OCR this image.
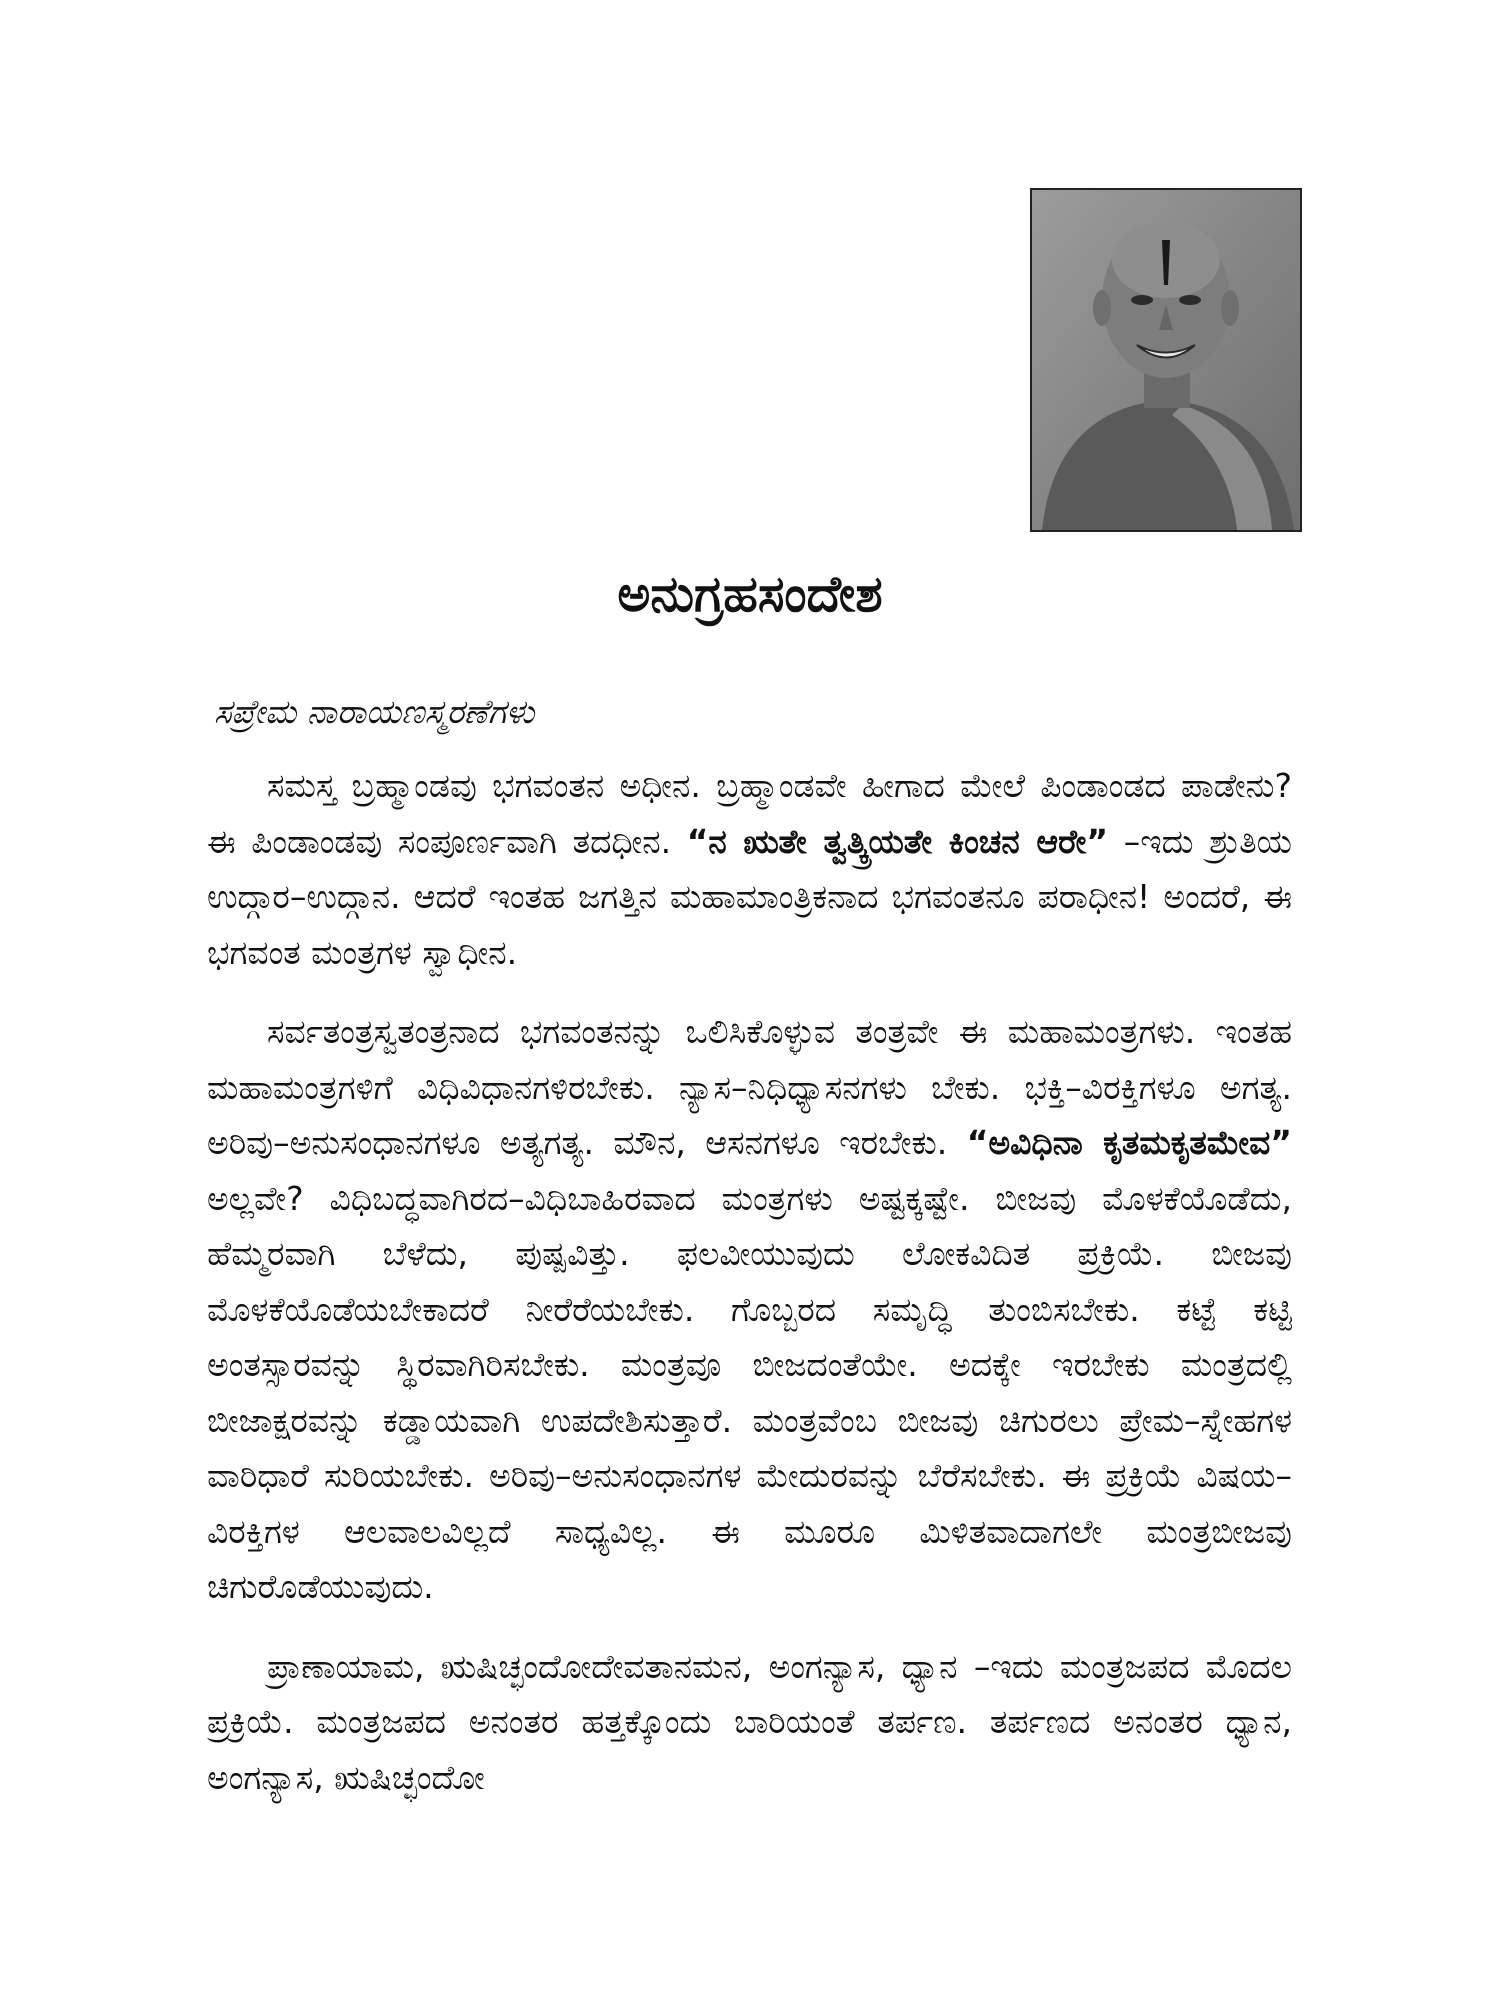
ಅನುಗ್ರಹಸಂದೇಶ

ಸಪ್ರೇಮ ನಾರಾಯಣಸ್ಮರಣೆಗಳು

ಸಮಸ್ತ ಬ್ರಹ್ಮಾಂಡವು ಭಗವಂತನ ಅಧೀನ. ಬ್ರಹ್ಮಾಂಡವೇ ಹೀಗಾದ ಮೇಲೆ ಪಿಂಡಾಂಡದ ಪಾಡೇನು? ಈ ಪಿಂಡಾಂಡವು ಸಂಪೂರ್ಣವಾಗಿ ತದಧೀನ. “ನ ಋತೇ ತ್ವತ್ಕ್ರಿಯತೇ ಕಿಂಚನ ಆರೇ” –ಇದು ಶ್ರುತಿಯ ಉದ್ಗಾರ–ಉದ್ಗಾನ. ಆದರೆ ಇಂತಹ ಜಗತ್ತಿನ ಮಹಾಮಾಂತ್ರಿಕನಾದ ಭಗವಂತನೂ ಪರಾಧೀನ! ಅಂದರೆ, ಈ ಭಗವಂತ ಮಂತ್ರಗಳ ಸ್ವಾಧೀನ.

ಸರ್ವತಂತ್ರಸ್ವತಂತ್ರನಾದ ಭಗವಂತನನ್ನು ಒಲಿಸಿಕೊಳ್ಳುವ ತಂತ್ರವೇ ಈ ಮಹಾಮಂತ್ರಗಳು. ಇಂತಹ ಮಹಾಮಂತ್ರಗಳಿಗೆ ವಿಧಿವಿಧಾನಗಳಿರಬೇಕು. ನ್ಯಾಸ–ನಿಧಿಧ್ಯಾಸನಗಳು ಬೇಕು. ಭಕ್ತಿ–ವಿರಕ್ತಿಗಳೂ ಅಗತ್ಯ. ಅರಿವು–ಅನುಸಂಧಾನಗಳೂ ಅತ್ಯಗತ್ಯ. ಮೌನ, ಆಸನಗಳೂ ಇರಬೇಕು. “ಅವಿಧಿನಾ ಕೃತಮಕೃತಮೇವ” ಅಲ್ಲವೇ? ವಿಧಿಬದ್ಧವಾಗಿರದ–ವಿಧಿಬಾಹಿರವಾದ ಮಂತ್ರಗಳು ಅಷ್ಟಕ್ಕಷ್ಟೇ. ಬೀಜವು ಮೊಳಕೆಯೊಡೆದು, ಹೆಮ್ಮರವಾಗಿ ಬೆಳೆದು, ಪುಷ್ಪವಿತ್ತು. ಫಲವೀಯುವುದು ಲೋಕವಿದಿತ ಪ್ರಕ್ರಿಯೆ. ಬೀಜವು ಮೊಳಕೆಯೊಡೆಯಬೇಕಾದರೆ ನೀರೆರೆಯಬೇಕು. ಗೊಬ್ಬರದ ಸಮೃದ್ಧಿ ತುಂಬಿಸಬೇಕು. ಕಟ್ಟೆ ಕಟ್ಟಿ ಅಂತಸ್ಸಾರವನ್ನು ಸ್ಥಿರವಾಗಿರಿಸಬೇಕು. ಮಂತ್ರವೂ ಬೀಜದಂತೆಯೇ. ಅದಕ್ಕೇ ಇರಬೇಕು ಮಂತ್ರದಲ್ಲಿ ಬೀಜಾಕ್ಷರವನ್ನು ಕಡ್ಡಾಯವಾಗಿ ಉಪದೇಶಿಸುತ್ತಾರೆ. ಮಂತ್ರವೆಂಬ ಬೀಜವು ಚಿಗುರಲು ಪ್ರೇಮ–ಸ್ನೇಹಗಳ ವಾರಿಧಾರೆ ಸುರಿಯಬೇಕು. ಅರಿವು–ಅನುಸಂಧಾನಗಳ ಮೇದುರವನ್ನು ಬೆರೆಸಬೇಕು. ಈ ಪ್ರಕ್ರಿಯೆ ವಿಷಯ–ವಿರಕ್ತಿಗಳ ಆಲವಾಲವಿಲ್ಲದೆ ಸಾಧ್ಯವಿಲ್ಲ. ಈ ಮೂರೂ ಮಿಳಿತವಾದಾಗಲೇ ಮಂತ್ರಬೀಜವು ಚಿಗುರೊಡೆಯುವುದು.

ಪ್ರಾಣಾಯಾಮ, ಋಷಿಚ್ಛಂದೋದೇವತಾನಮನ, ಅಂಗನ್ಯಾಸ, ಧ್ಯಾನ –ಇದು ಮಂತ್ರಜಪದ ಮೊದಲ ಪ್ರಕ್ರಿಯೆ. ಮಂತ್ರಜಪದ ಅನಂತರ ಹತ್ತಕ್ಕೊಂದು ಬಾರಿಯಂತೆ ತರ್ಪಣ. ತರ್ಪಣದ ಅನಂತರ ಧ್ಯಾನ, ಅಂಗನ್ಯಾಸ, ಋಷಿಚ್ಛಂದೋ
